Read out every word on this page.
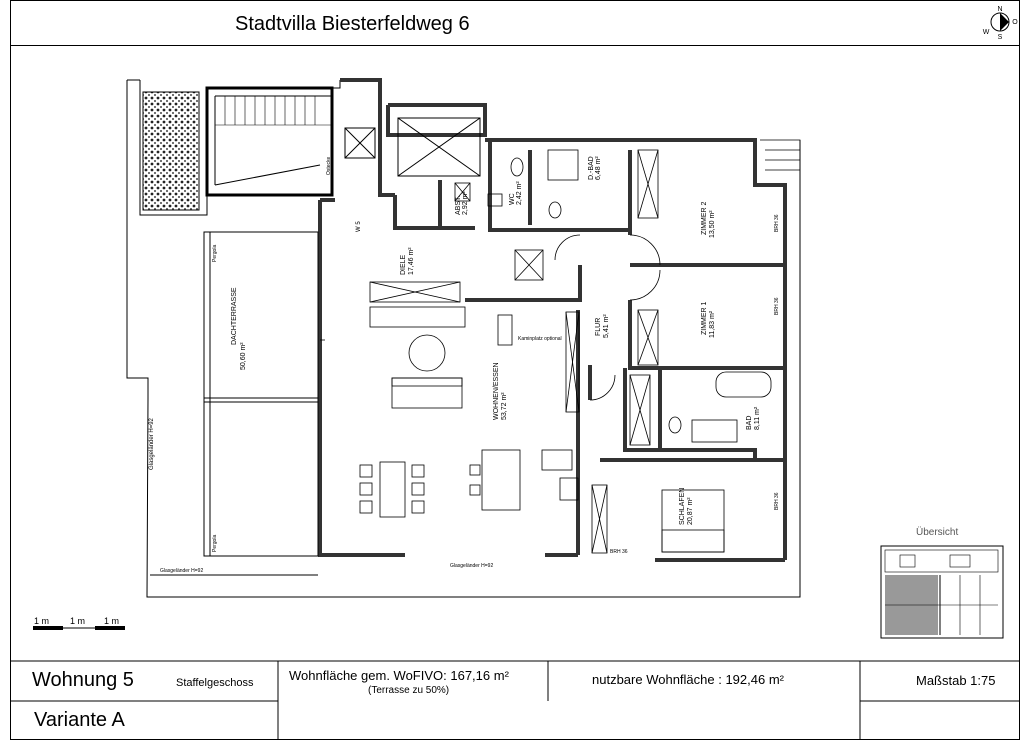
Stadtvilla Biesterfeldweg 6
N
O
S
W
1 m 1 m 1 m
DACHTERRASSE
50,60 m²
DIELE 17,46 m²
ABST. 2,92 m²	WC 2,42 m²
D.-BAD 6,48 m²
ZIMMER 2 13,50 m²
ZIMMER 1 11,83 m²
FLUR 5,41 m²
WOHNEN/ESSEN 53,72 m²
BAD 8,11 m²
SCHLAFEN 20,87 m²
Pergola
Pergola
Glasgeländer H=92
Glasgeländer H=92
Glasgeländer H=92
W 5
Ostecke
Kaminplatz optional
BRH 36
BRH 36
BRH 36
BRH 36
Übersicht
Wohnung 5	Staffelgeschoss
Variante A
Wohnfläche gem. WoFIVO: 167,16 m²
(Terrasse zu 50%)
nutzbare Wohnfläche : 192,46 m²	Maßstab 1:75
